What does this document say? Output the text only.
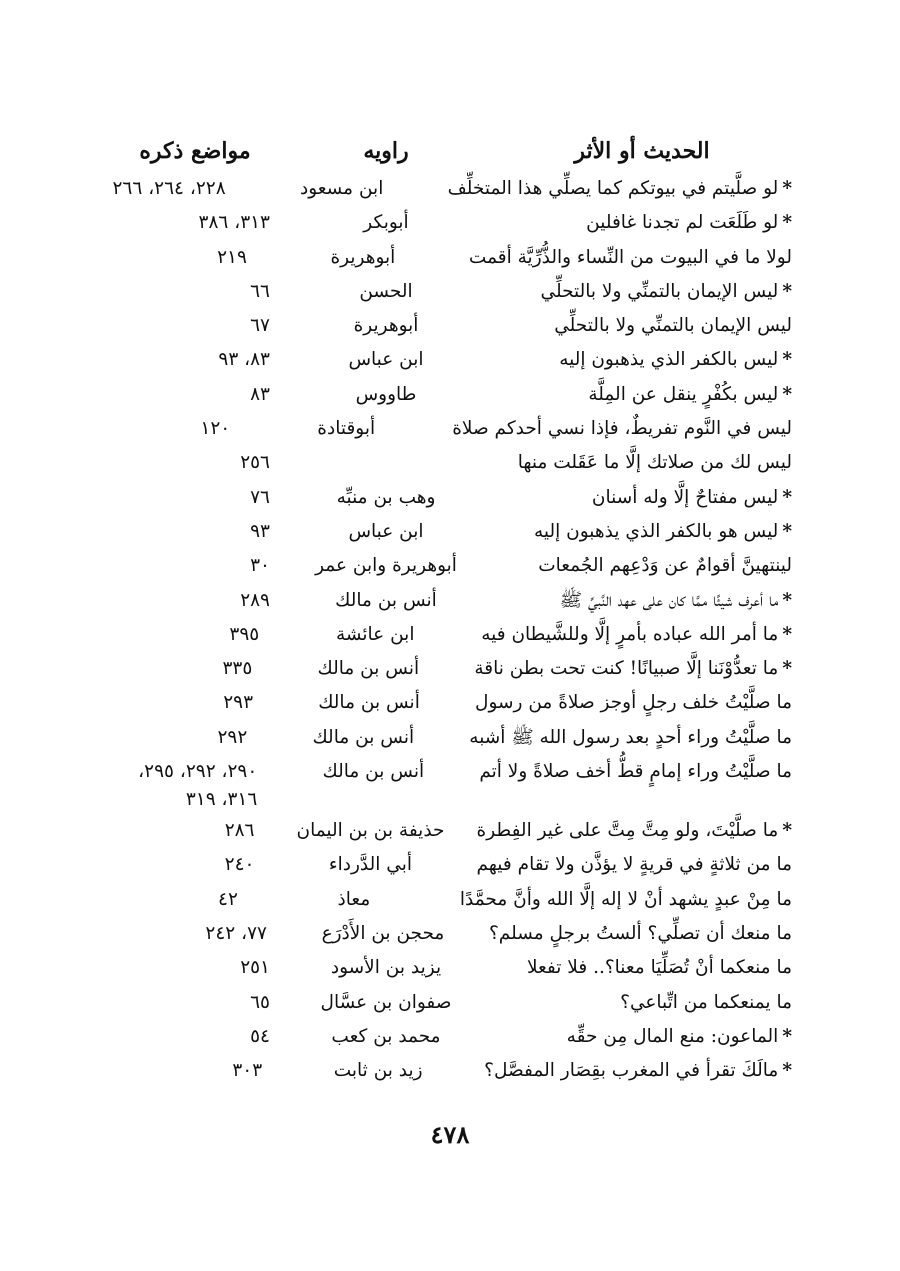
الحديث أو الأثر
راويه
مواضع ذكره
*لو صلَّيتم في بيوتكم كما يصلِّي هذا المتخلِّف
ابن مسعود
٢٢٨، ٢٦٤، ٢٦٦
*لو طَلَعَت لم تجدنا غافلين
أبوبكر
٣١٣، ٣٨٦
لولا ما في البيوت من النِّساء والذُّرِّيَّة أقمت
أبوهريرة
٢١٩
*ليس الإيمان بالتمنِّي ولا بالتحلِّي
الحسن
٦٦
ليس الإيمان بالتمنِّي ولا بالتحلِّي
أبوهريرة
٦٧
*ليس بالكفر الذي يذهبون إليه
ابن عباس
٨٣، ٩٣
*ليس بكُفْرٍ ينقل عن المِلَّة
طاووس
٨٣
ليس في النَّوم تفريطٌ، فإذا نسي أحدكم صلاة
أبوقتادة
١٢٠
ليس لك من صلاتك إلَّا ما عَقَلت منها
٢٥٦
*ليس مفتاحٌ إلَّا وله أسنان
وهب بن منبِّه
٧٦
*ليس هو بالكفر الذي يذهبون إليه
ابن عباس
٩٣
لينتهينَّ أقوامٌ عن وَدْعِهم الجُمعات
أبوهريرة وابن عمر
٣٠
*ما أعرف شيئًا ممَّا كان على عهد النَّبيِّ ﷺ
أنس بن مالك
٢٨٩
*ما أمر الله عباده بأمرٍ إلَّا وللشَّيطان فيه
ابن عائشة
٣٩٥
*ما تعدُّوْنَنا إلَّا صبيانًا! كنت تحت بطن ناقة
أنس بن مالك
٣٣٥
ما صلَّيْتُ خلف رجلٍ أوجز صلاةً من رسول
أنس بن مالك
٢٩٣
ما صلَّيْتُ وراء أحدٍ بعد رسول الله ﷺ أشبه
أنس بن مالك
٢٩٢
ما صلَّيْتُ وراء إمامٍ قطُّ أخف صلاةً ولا أتم
أنس بن مالك
٢٩٠، ٢٩٢، ٢٩٥، ٣١٦، ٣١٩
*ما صلَّيْتَ، ولو مِتَّ مِتَّ على غير الفِطرة
حذيفة بن بن اليمان
٢٨٦
ما من ثلاثةٍ في قريةٍ لا يؤذَّن ولا تقام فيهم
أبي الدَّرداء
٢٤٠
ما مِنْ عبدٍ يشهد أنْ لا إله إلَّا الله وأنَّ محمَّدًا
معاذ
٤٢
ما منعك أن تصلِّي؟ ألستُ برجلٍ مسلم؟
محجن بن الأَدْرَع
٧٧، ٢٤٢
ما منعكما أنْ تُصَلِّيَا معنا؟.. فلا تفعلا
يزيد بن الأسود
٢٥١
ما يمنعكما من اتِّباعي؟
صفوان بن عسَّال
٦٥
*الماعون: منع المال مِن حقِّه
محمد بن كعب
٥٤
*مالَكَ تقرأ في المغرب بقِصَار المفصَّل؟
زيد بن ثابت
٣٠٣
٤٧٨
